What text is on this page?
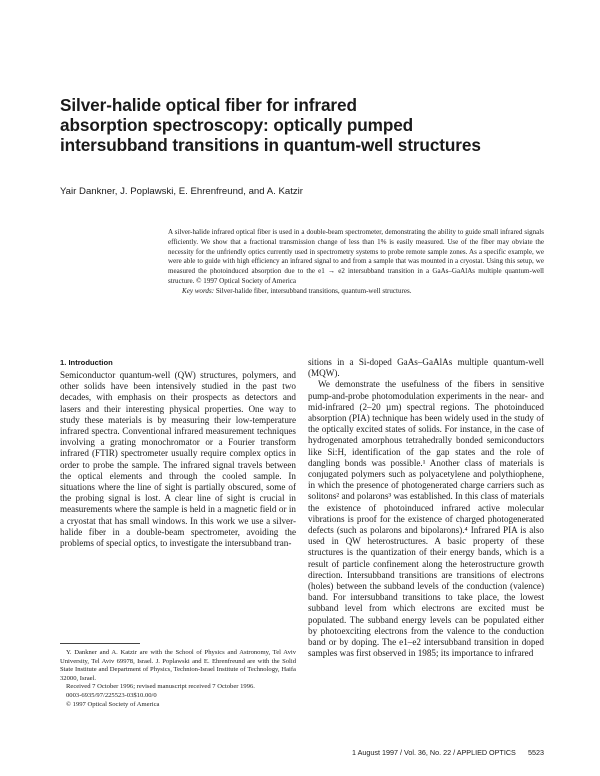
Silver-halide optical fiber for infrared
absorption spectroscopy: optically pumped
intersubband transitions in quantum-well structures
Yair Dankner, J. Poplawski, E. Ehrenfreund, and A. Katzir

A silver-halide infrared optical fiber is used in a double-beam spectrometer, demonstrating the ability to guide small infrared signals efficiently. We show that a fractional transmission change of less than 1% is easily measured. Use of the fiber may obviate the necessity for the unfriendly optics currently used in spectrometry systems to probe remote sample zones. As a specific example, we were able to guide with high efficiency an infrared signal to and from a sample that was mounted in a cryostat. Using this setup, we measured the photoinduced absorption due to the e1 → e2 intersubband transition in a GaAs–GaAlAs multiple quantum-well structure. © 1997 Optical Society of America

Key words: Silver-halide fiber, intersubband transitions, quantum-well structures.

1. Introduction

Semiconductor quantum-well (QW) structures, polymers, and other solids have been intensively studied in the past two decades, with emphasis on their prospects as detectors and lasers and their interesting physical properties. One way to study these materials is by measuring their low-temperature infrared spectra. Conventional infrared measurement techniques involving a grating monochromator or a Fourier transform infrared (FTIR) spectrometer usually require complex optics in order to probe the sample. The infrared signal travels between the optical elements and through the cooled sample. In situations where the line of sight is partially obscured, some of the probing signal is lost. A clear line of sight is crucial in measurements where the sample is held in a magnetic field or in a cryostat that has small windows. In this work we use a silver-halide fiber in a double-beam spectrometer, avoiding the problems of special optics, to investigate the intersubband tran-

sitions in a Si-doped GaAs–GaAlAs multiple quantum-well (MQW).

We demonstrate the usefulness of the fibers in sensitive pump-and-probe photomodulation experiments in the near- and mid-infrared (2–20 µm) spectral regions. The photoinduced absorption (PIA) technique has been widely used in the study of the optically excited states of solids. For instance, in the case of hydrogenated amorphous tetrahedrally bonded semiconductors like Si:H, identification of the gap states and the role of dangling bonds was possible.¹ Another class of materials is conjugated polymers such as polyacetylene and polythiophene, in which the presence of photogenerated charge carriers such as solitons² and polarons³ was established. In this class of materials the existence of photoinduced infrared active molecular vibrations is proof for the existence of charged photogenerated defects (such as polarons and bipolarons).⁴ Infrared PIA is also used in QW heterostructures. A basic property of these structures is the quantization of their energy bands, which is a result of particle confinement along the heterostructure growth direction. Intersubband transitions are transitions of electrons (holes) between the subband levels of the conduction (valence) band. For intersubband transitions to take place, the lowest subband level from which electrons are excited must be populated. The subband energy levels can be populated either by photoexciting electrons from the valence to the conduction band or by doping. The e1–e2 intersubband transition in doped samples was first observed in 1985; its importance to infrared

Y. Dankner and A. Katzir are with the School of Physics and Astronomy, Tel Aviv University, Tel Aviv 69978, Israel. J. Poplawski and E. Ehrenfreund are with the Solid State Institute and Department of Physics, Technion-Israel Institute of Technology, Haifa 32000, Israel.

Received 7 October 1996; revised manuscript received 7 October 1996.

0003-6935/97/225523-03$10.00/0

© 1997 Optical Society of America

1 August 1997 / Vol. 36, No. 22 / APPLIED OPTICS 5523
